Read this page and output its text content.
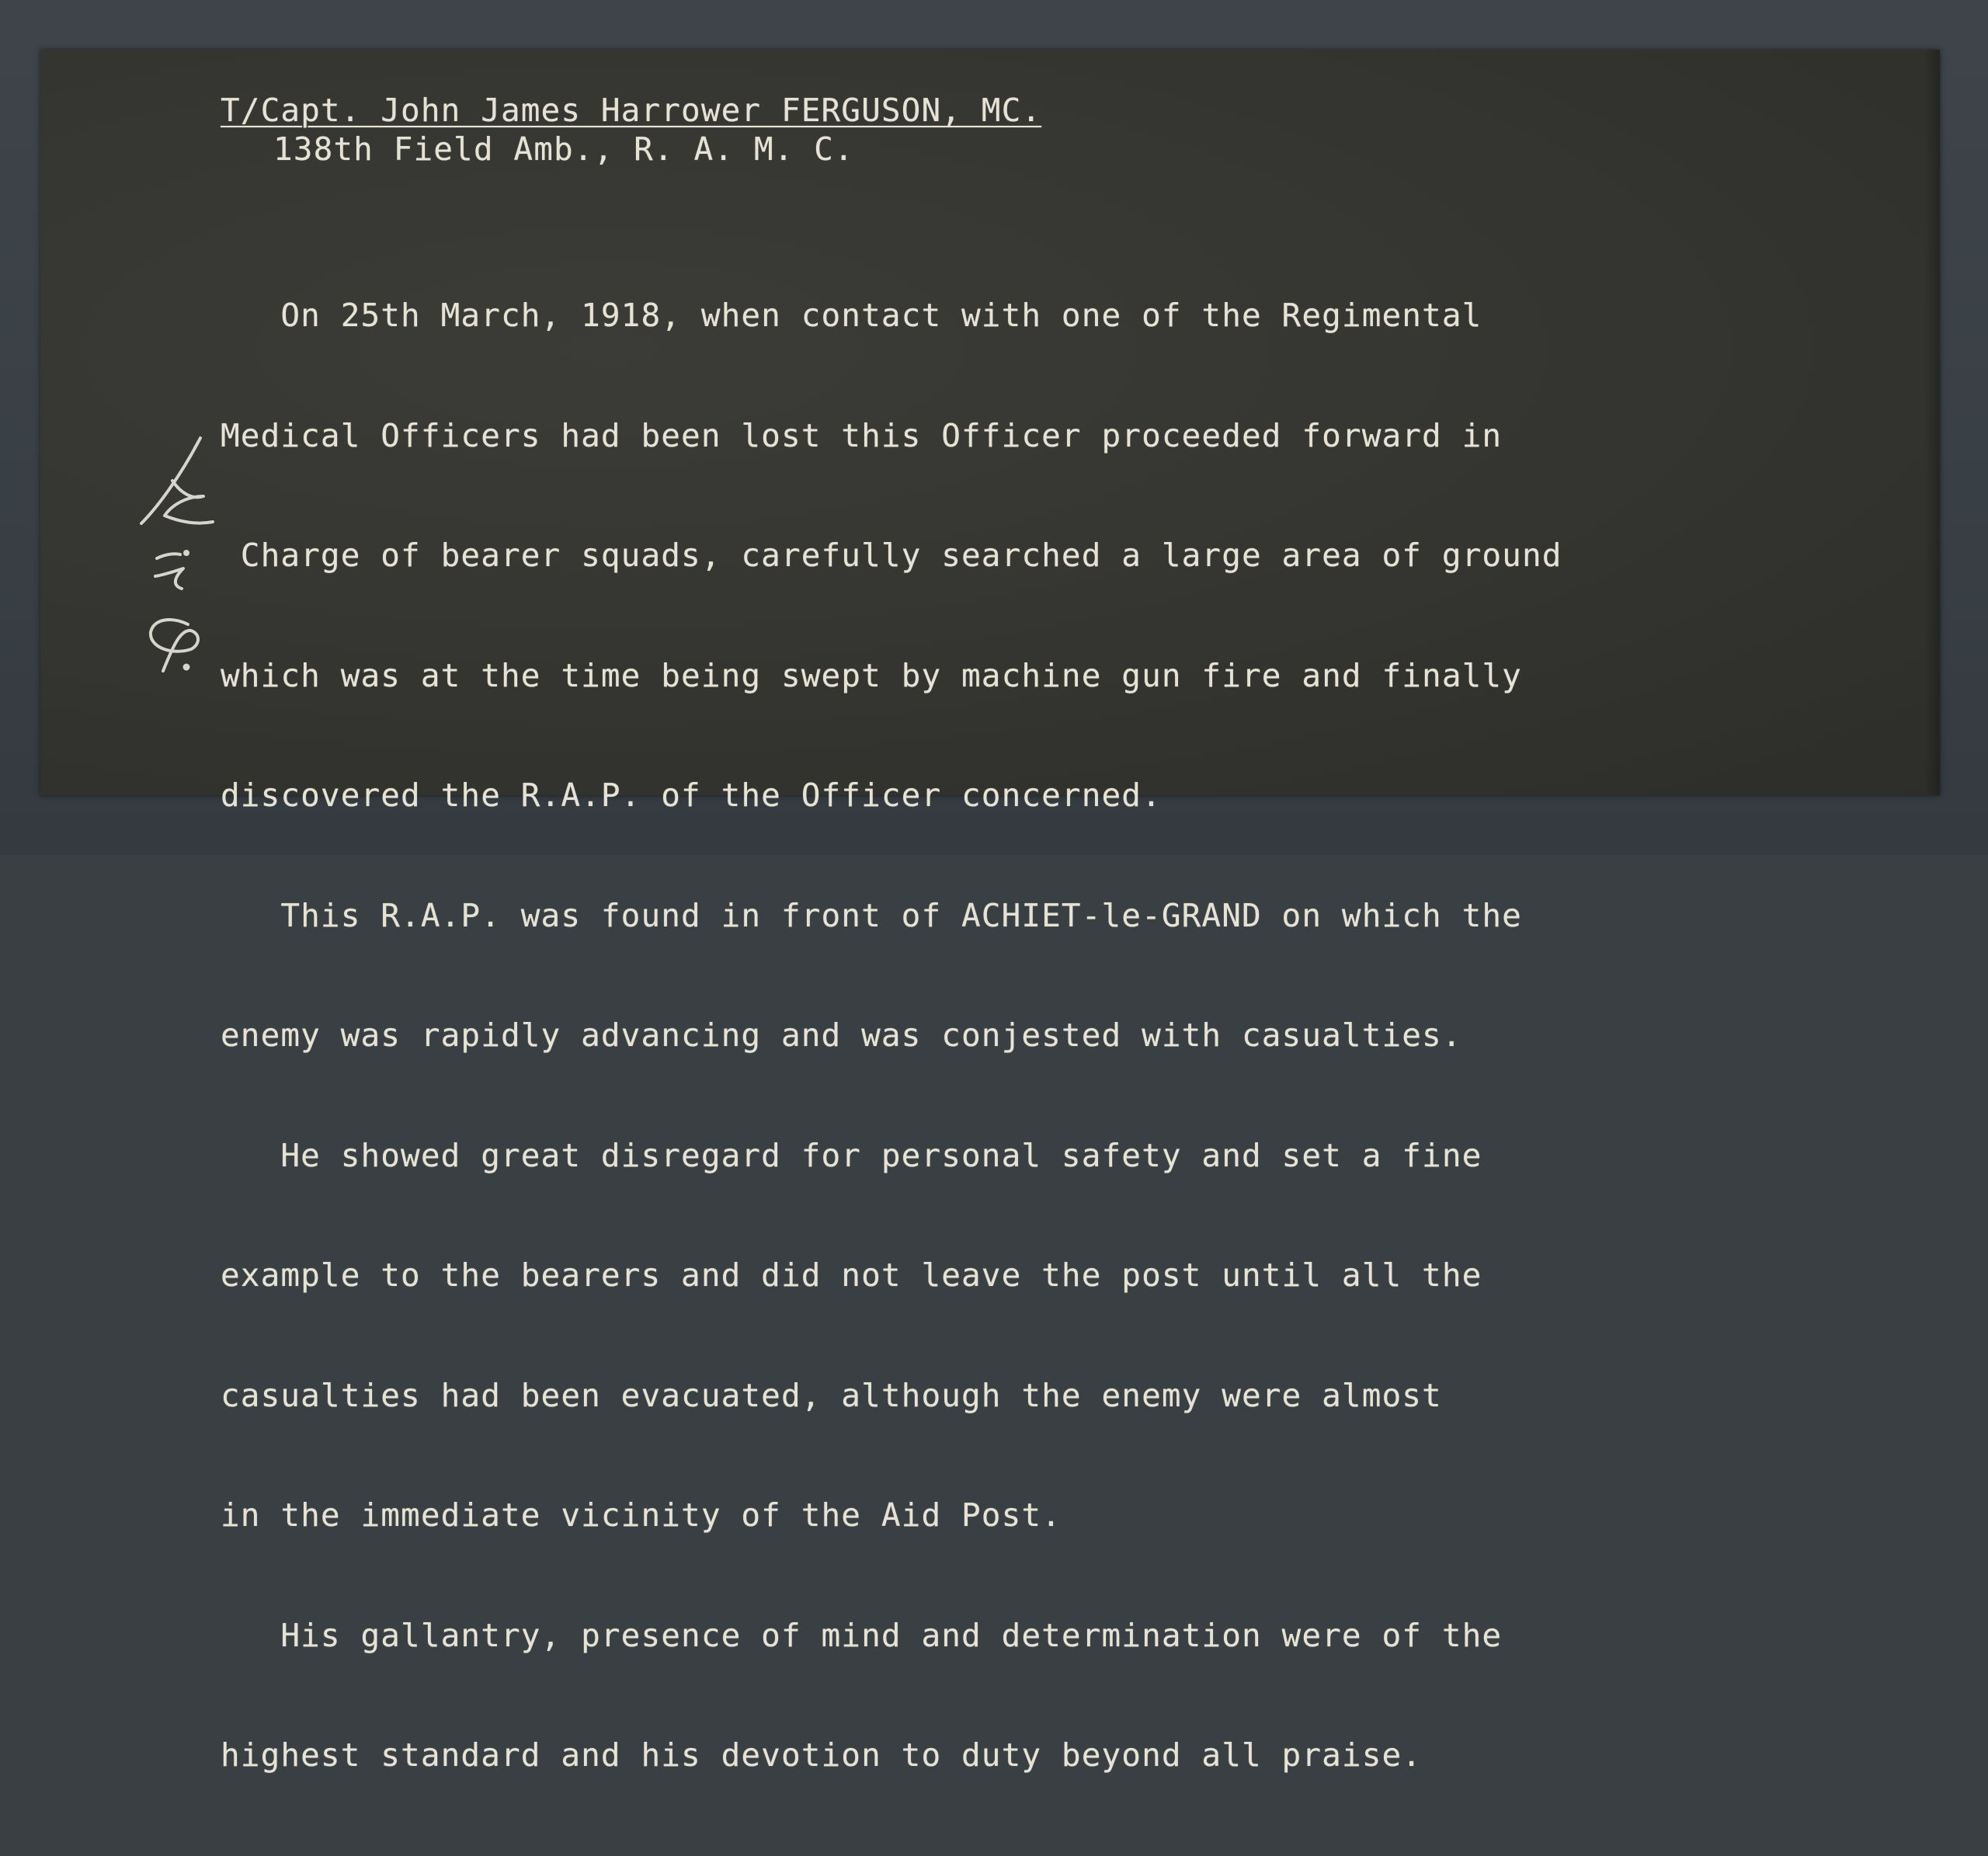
T/Capt. John James Harrower FERGUSON, MC.
138th Field Amb., R. A. M. C.

On 25th March, 1918, when contact with one of the Regimental

Medical Officers had been lost this Officer proceeded forward in

Charge of bearer squads, carefully searched a large area of ground

which was at the time being swept by machine gun fire and finally

discovered the R.A.P. of the Officer concerned.

This R.A.P. was found in front of ACHIET-le-GRAND on which the

enemy was rapidly advancing and was conjested with casualties.

He showed great disregard for personal safety and set a fine

example to the bearers and did not leave the post until all the

casualties had been evacuated, although the enemy were almost

in the immediate vicinity of the Aid Post.

His gallantry, presence of mind and determination were of the

highest standard and his devotion to duty beyond all praise.
